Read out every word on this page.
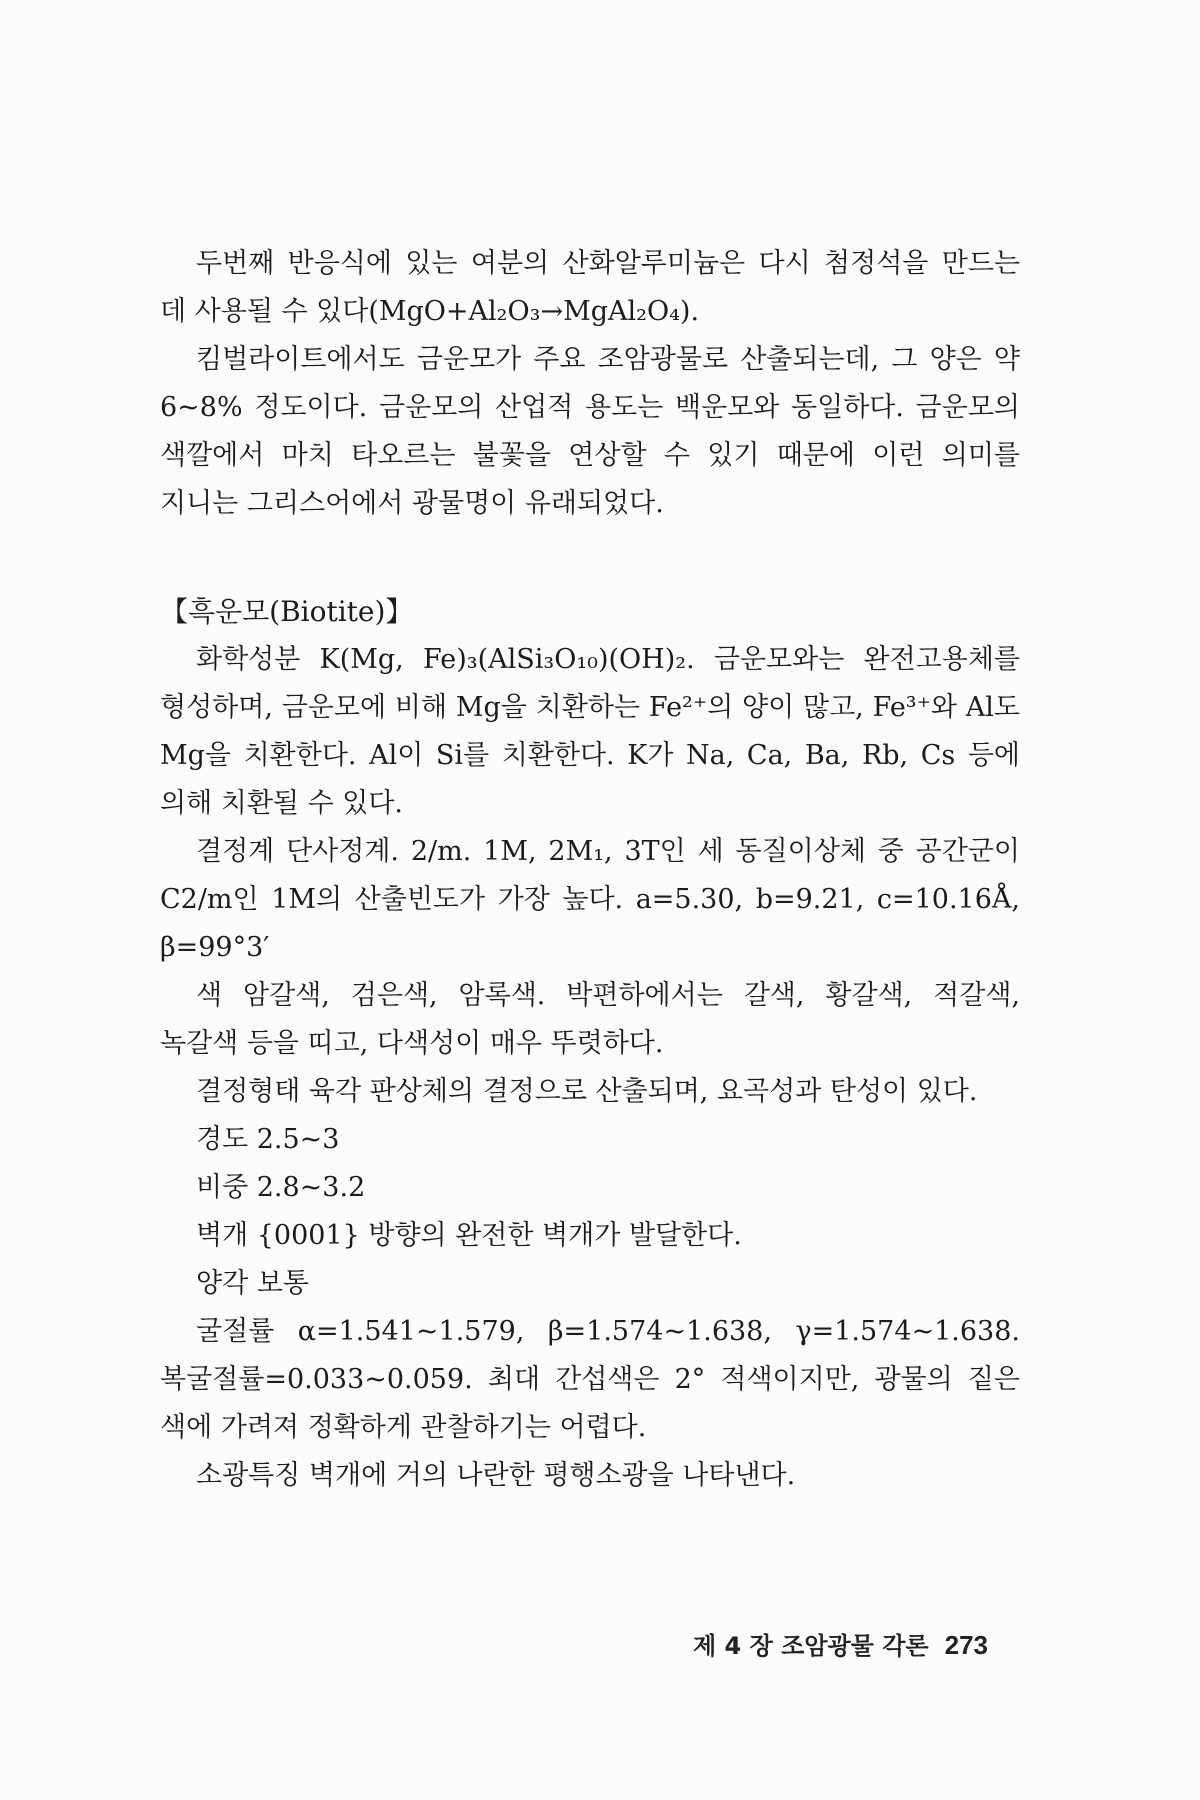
두번째 반응식에 있는 여분의 산화알루미늄은 다시 첨정석을 만드는 데 사용될 수 있다(MgO+Al₂O₃→MgAl₂O₄).

킴벌라이트에서도 금운모가 주요 조암광물로 산출되는데, 그 양은 약 6~8% 정도이다. 금운모의 산업적 용도는 백운모와 동일하다. 금운모의 색깔에서 마치 타오르는 불꽃을 연상할 수 있기 때문에 이런 의미를 지니는 그리스어에서 광물명이 유래되었다.

【흑운모(Biotite)】

화학성분 K(Mg, Fe)₃(AlSi₃O₁₀)(OH)₂. 금운모와는 완전고용체를 형성하며, 금운모에 비해 Mg을 치환하는 Fe²⁺의 양이 많고, Fe³⁺와 Al도 Mg을 치환한다. Al이 Si를 치환한다. K가 Na, Ca, Ba, Rb, Cs 등에 의해 치환될 수 있다.

결정계 단사정계. 2/m. 1M, 2M₁, 3T인 세 동질이상체 중 공간군이 C2/m인 1M의 산출빈도가 가장 높다. a=5.30, b=9.21, c=10.16Å, β=99°3′

색 암갈색, 검은색, 암록색. 박편하에서는 갈색, 황갈색, 적갈색, 녹갈색 등을 띠고, 다색성이 매우 뚜렷하다.

결정형태 육각 판상체의 결정으로 산출되며, 요곡성과 탄성이 있다.

경도 2.5~3

비중 2.8~3.2

벽개 {0001} 방향의 완전한 벽개가 발달한다.

양각 보통

굴절률 α=1.541~1.579, β=1.574~1.638, γ=1.574~1.638. 복굴절률=0.033~0.059. 최대 간섭색은 2° 적색이지만, 광물의 짙은 색에 가려져 정확하게 관찰하기는 어렵다.

소광특징 벽개에 거의 나란한 평행소광을 나타낸다.

제 4 장 조암광물 각론 273
